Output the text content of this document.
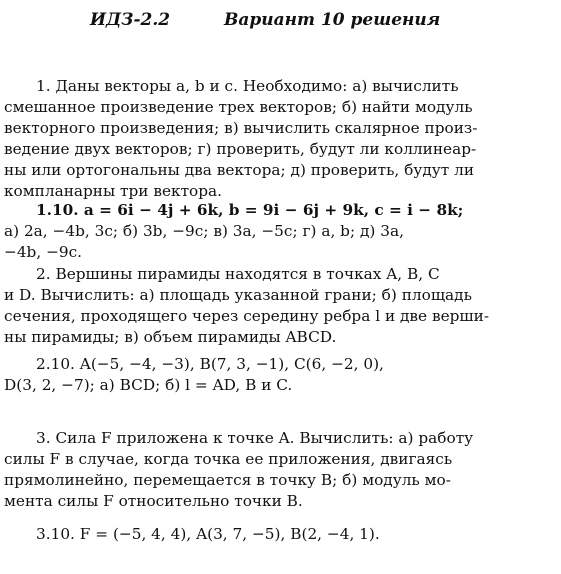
ИДЗ-2.2	Вариант 10 решения
1. Даны векторы a, b и c. Необходимо: а) вычислить
смешанное произведение трех векторов; б) найти модуль
векторного произведения; в) вычислить скалярное произ-
ведение двух векторов; г) проверить, будут ли коллинеар-
ны или ортогональны два вектора; д) проверить, будут ли
компланарны три вектора.
1.10. a = 6i − 4j + 6k, b = 9i − 6j + 9k, c = i − 8k;
а) 2a, −4b, 3c; б) 3b, −9c; в) 3a, −5c; г) a, b; д) 3a,
−4b, −9c.
2. Вершины пирамиды находятся в точках A, B, C
и D. Вычислить: а) площадь указанной грани; б) площадь
сечения, проходящего через середину ребра l и две верши-
ны пирамиды; в) объем пирамиды ABCD.
2.10. A(−5, −4, −3), B(7, 3, −1), C(6, −2, 0),
D(3, 2, −7); а) BCD; б) l = AD, B и C.
3. Сила F приложена к точке A. Вычислить: а) работу
силы F в случае, когда точка ее приложения, двигаясь
прямолинейно, перемещается в точку B; б) модуль мо-
мента силы F относительно точки B.
3.10. F = (−5, 4, 4), A(3, 7, −5), B(2, −4, 1).
